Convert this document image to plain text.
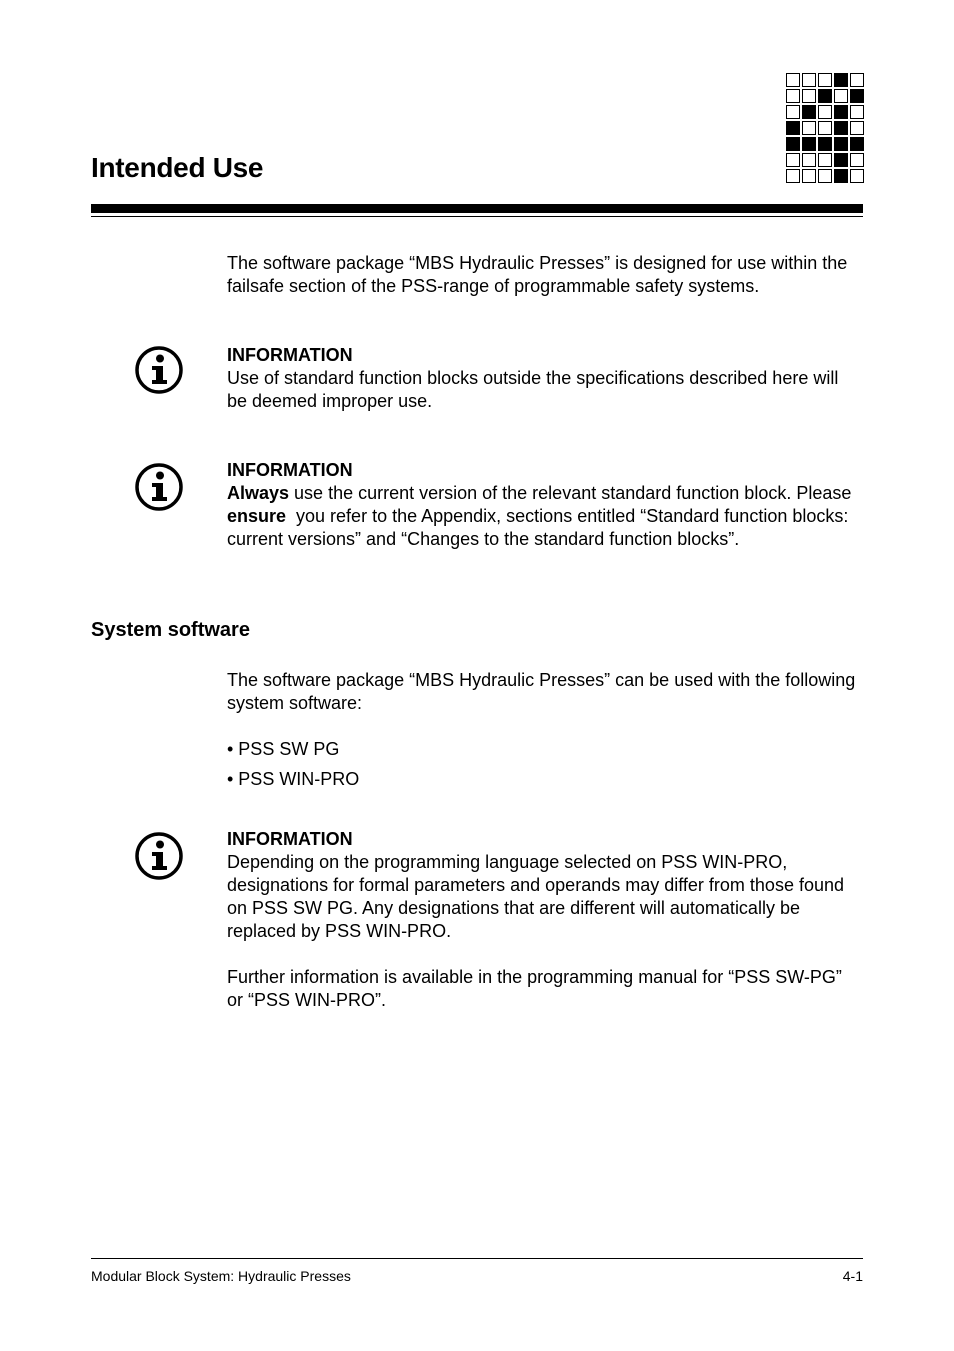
Intended Use
The software package “MBS Hydraulic Presses” is designed for use within the failsafe section of the PSS-range of programmable safety systems.
INFORMATION
Use of standard function blocks outside the specifications described here will be deemed improper use.
INFORMATION
Always use the current version of the relevant standard function block. Please ensure  you refer to the Appendix, sections entitled “Standard function blocks: current versions” and “Changes to the standard function blocks”.
System software
The software package “MBS Hydraulic Presses” can be used with the following system software:
• PSS SW PG
• PSS WIN-PRO
INFORMATION
Depending on the programming language selected on PSS WIN-PRO, designations for formal parameters and operands may differ from those found on PSS SW PG. Any designations that are different will automatically be replaced by PSS WIN-PRO.
Further information is available in the programming manual for “PSS SW-PG” or “PSS WIN-PRO”.
Modular Block System: Hydraulic Presses	4-1
